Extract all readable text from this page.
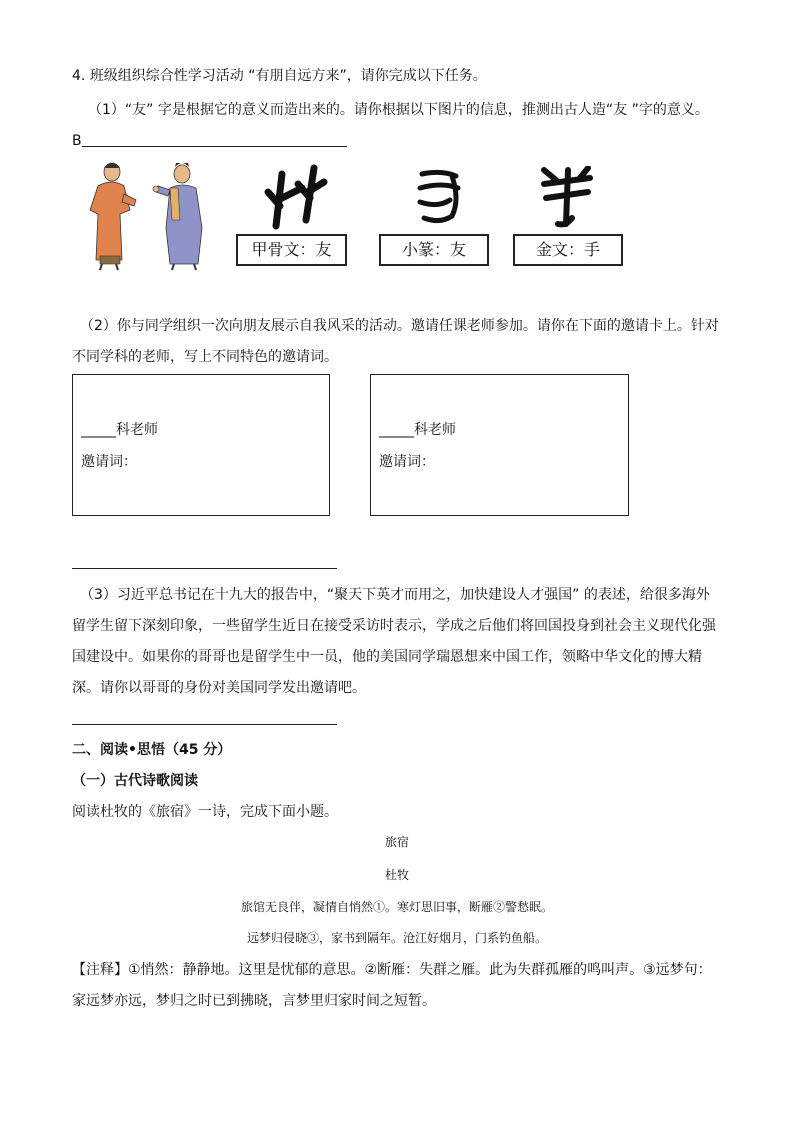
4. 班级组织综合性学习活动 “有朋自远方来”，请你完成以下任务。
（1）“友” 字是根据它的意义而造出来的。请你根据以下图片的信息，推测出古人造“友 ”字的意义。
B
甲骨文：友	小篆：友	金文：手
（2）你与同学组织一次向朋友展示自我风采的活动。邀请任课老师参加。请你在下面的邀请卡上。针对
不同学科的老师，写上不同特色的邀请词。
_____科老师
邀请词：
_____科老师
邀请词：
（3）习近平总书记在十九大的报告中，“聚天下英才而用之，加快建设人才强国” 的表述，给很多海外
留学生留下深刻印象，一些留学生近日在接受采访时表示，学成之后他们将回国投身到社会主义现代化强
国建设中。如果你的哥哥也是留学生中一员，他的美国同学瑞恩想来中国工作，领略中华文化的博大精
深。请你以哥哥的身份对美国同学发出邀请吧。
二、阅读•思悟（45 分）
（一）古代诗歌阅读
阅读杜牧的《旅宿》一诗，完成下面小题。
旅宿
杜牧
旅馆无良伴，凝情自悄然①。寒灯思旧事，断雁②警愁眠。
远梦归侵晓③，家书到隔年。沧江好烟月，门系钓鱼船。
【注释】①悄然：静静地。这里是忧郁的意思。②断雁：失群之雁。此为失群孤雁的鸣叫声。③远梦句：
家远梦亦远，梦归之时已到拂晓，言梦里归家时间之短暂。
